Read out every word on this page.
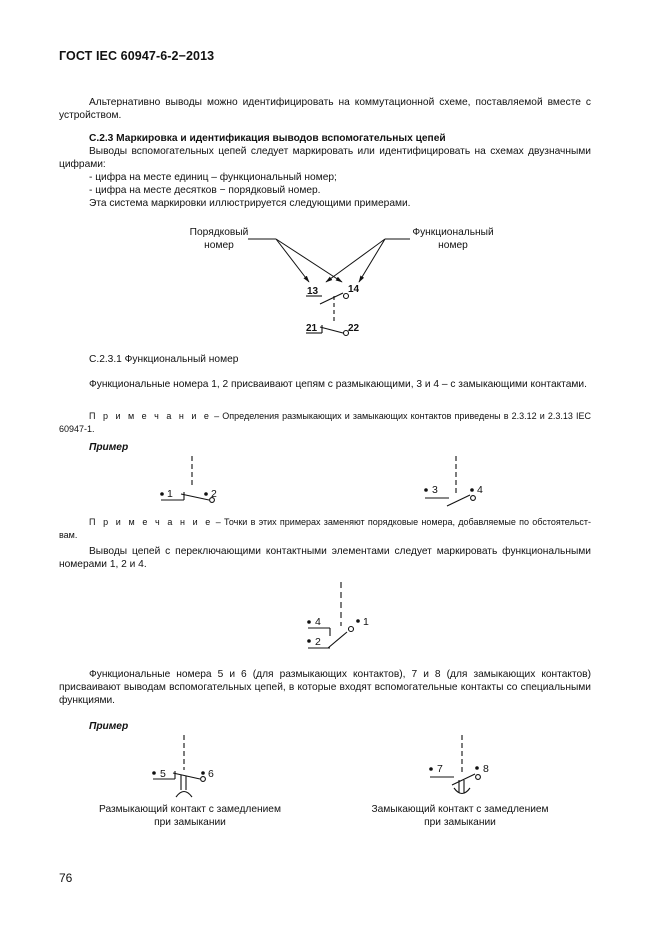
ГОСТ IEC 60947-6-2−2013
Альтернативно выводы можно идентифицировать на коммутационной схеме, поставляемой вместе с устройством.
С.2.3 Маркировка и идентификация выводов вспомогательных цепей
Выводы вспомогательных цепей следует маркировать или идентифицировать на схемах двузначными цифрами:
- цифра на месте единиц – функциональный номер;
- цифра на месте десятков − порядковый номер.
Эта система маркировки иллюстрируется следующими примерами.
Порядковый
номер
Функциональный
номер
13	14
21	22
С.2.3.1 Функциональный номер
Функциональные номера 1, 2 присваивают цепям с размыкающими, 3 и 4 – с замыкающими контактами.
П р и м е ч а н и е – Определения размыкающих и замыкающих контактов приведены в 2.3.12 и 2.3.13 IEC 60947-1.
Пример
1	2	3	4
П р и м е ч а н и е – Точки в этих примерах заменяют порядковые номера, добавляемые по обстоятельствам.
Выводы цепей с переключающими контактными элементами следует маркировать функциональными номерами 1, 2 и 4.
4
2
1
Функциональные номера 5 и 6 (для размыкающих контактов), 7 и 8 (для замыкающих контактов) присваивают выводам вспомогательных цепей, в которые входят вспомогательные контакты со специальными функциями.
Пример
5	6	7	8
Размыкающий контакт с замедлением
при замыкании
Замыкающий контакт с замедлением
при замыкании
76
